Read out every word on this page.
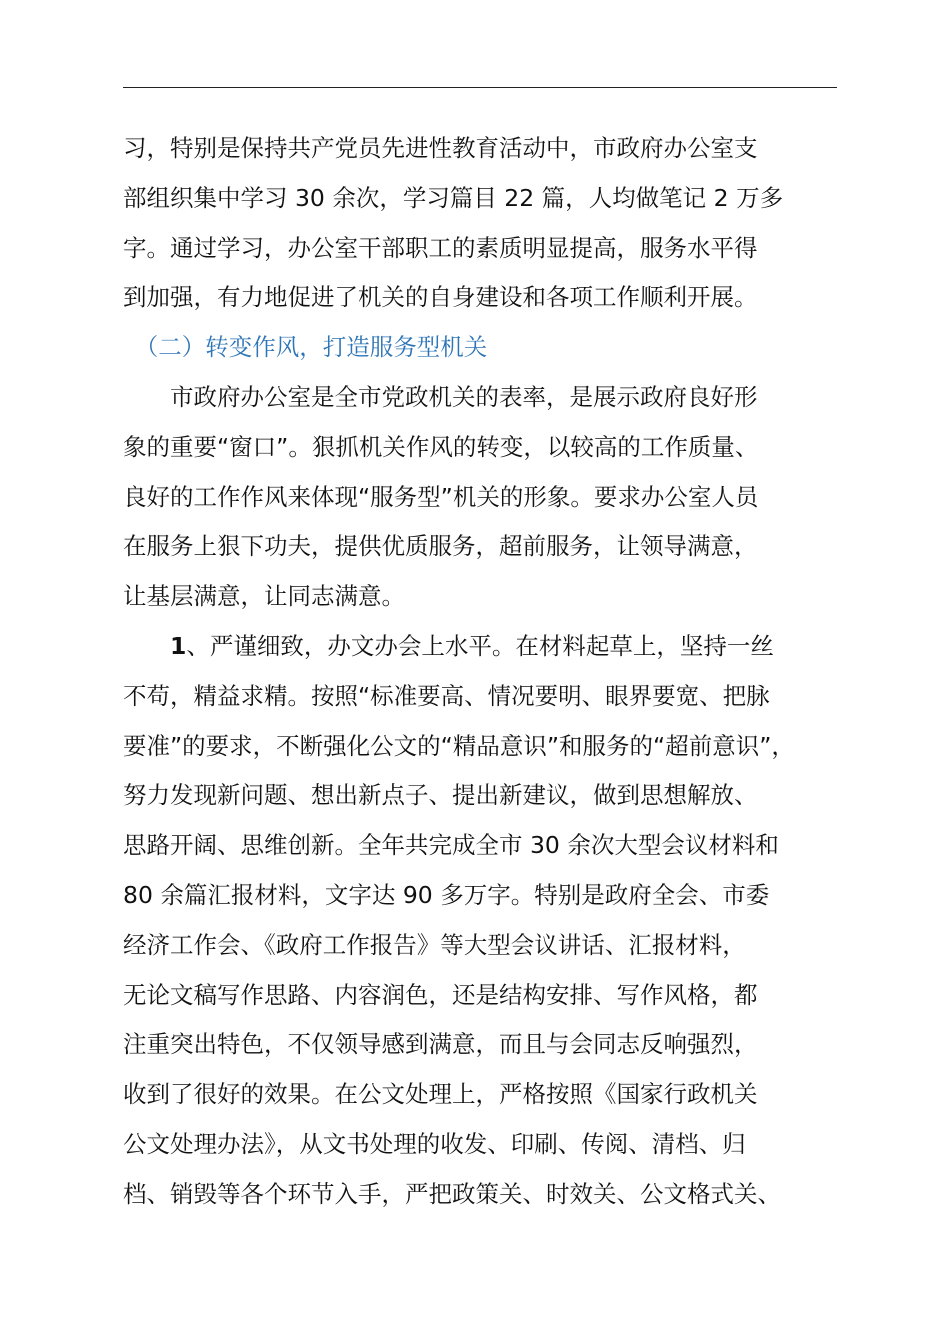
习，特别是保持共产党员先进性教育活动中，市政府办公室支
部组织集中学习 30 余次，学习篇目 22 篇，人均做笔记 2 万多
字。通过学习，办公室干部职工的素质明显提高，服务水平得
到加强，有力地促进了机关的自身建设和各项工作顺利开展。
　（二）转变作风，打造服务型机关
　　市政府办公室是全市党政机关的表率，是展示政府良好形
象的重要“窗口”。狠抓机关作风的转变，以较高的工作质量、
良好的工作作风来体现“服务型”机关的形象。要求办公室人员
在服务上狠下功夫，提供优质服务，超前服务，让领导满意，
让基层满意，让同志满意。
　　1、严谨细致，办文办会上水平。在材料起草上，坚持一丝
不苟，精益求精。按照“标准要高、情况要明、眼界要宽、把脉
要准”的要求，不断强化公文的“精品意识”和服务的“超前意识”，
努力发现新问题、想出新点子、提出新建议，做到思想解放、
思路开阔、思维创新。全年共完成全市 30 余次大型会议材料和
80 余篇汇报材料，文字达 90 多万字。特别是政府全会、市委
经济工作会、《政府工作报告》等大型会议讲话、汇报材料，
无论文稿写作思路、内容润色，还是结构安排、写作风格，都
注重突出特色，不仅领导感到满意，而且与会同志反响强烈，
收到了很好的效果。在公文处理上，严格按照《国家行政机关
公文处理办法》，从文书处理的收发、印刷、传阅、清档、归
档、销毁等各个环节入手，严把政策关、时效关、公文格式关、
